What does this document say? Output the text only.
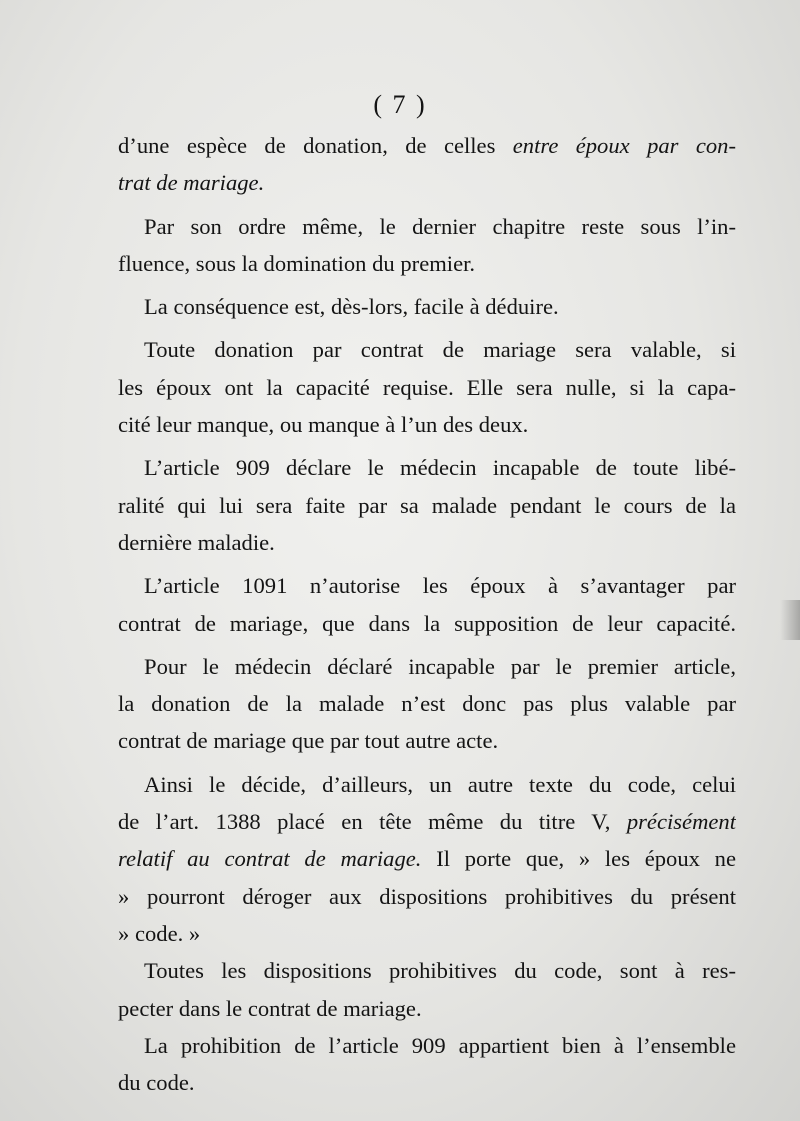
( 7 )
d’une espèce de donation, de celles entre époux par con-
trat de mariage.
Par son ordre même, le dernier chapitre reste sous l’in-
fluence, sous la domination du premier.
La conséquence est, dès-lors, facile à déduire.
Toute donation par contrat de mariage sera valable, si
les époux ont la capacité requise. Elle sera nulle, si la capa-
cité leur manque, ou manque à l’un des deux.
L’article 909 déclare le médecin incapable de toute libé-
ralité qui lui sera faite par sa malade pendant le cours de la
dernière maladie.
L’article 1091 n’autorise les époux à s’avantager par
contrat de mariage, que dans la supposition de leur capacité.
Pour le médecin déclaré incapable par le premier article,
la donation de la malade n’est donc pas plus valable par
contrat de mariage que par tout autre acte.
Ainsi le décide, d’ailleurs, un autre texte du code, celui
de l’art. 1388 placé en tête même du titre V, précisément
relatif au contrat de mariage. Il porte que, » les époux ne
» pourront déroger aux dispositions prohibitives du présent
» code. »
Toutes les dispositions prohibitives du code, sont à res-
pecter dans le contrat de mariage.
La prohibition de l’article 909 appartient bien à l’ensemble
du code.
